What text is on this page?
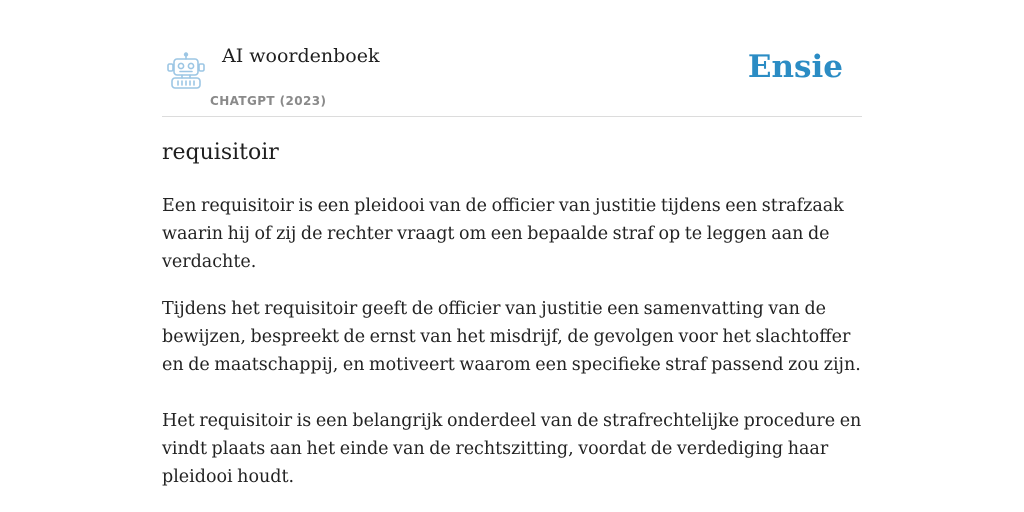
AI woordenboek
CHATGPT (2023)
Ensie
requisitoir

Een requisitoir is een pleidooi van de officier van justitie tijdens een strafzaak waarin hij of zij de rechter vraagt om een bepaalde straf op te leggen aan de verdachte.

Tijdens het requisitoir geeft de officier van justitie een samenvatting van de bewijzen, bespreekt de ernst van het misdrijf, de gevolgen voor het slachtoffer en de maatschappij, en motiveert waarom een specifieke straf passend zou zijn.

Het requisitoir is een belangrijk onderdeel van de strafrechtelijke procedure en vindt plaats aan het einde van de rechtszitting, voordat de verdediging haar pleidooi houdt.
